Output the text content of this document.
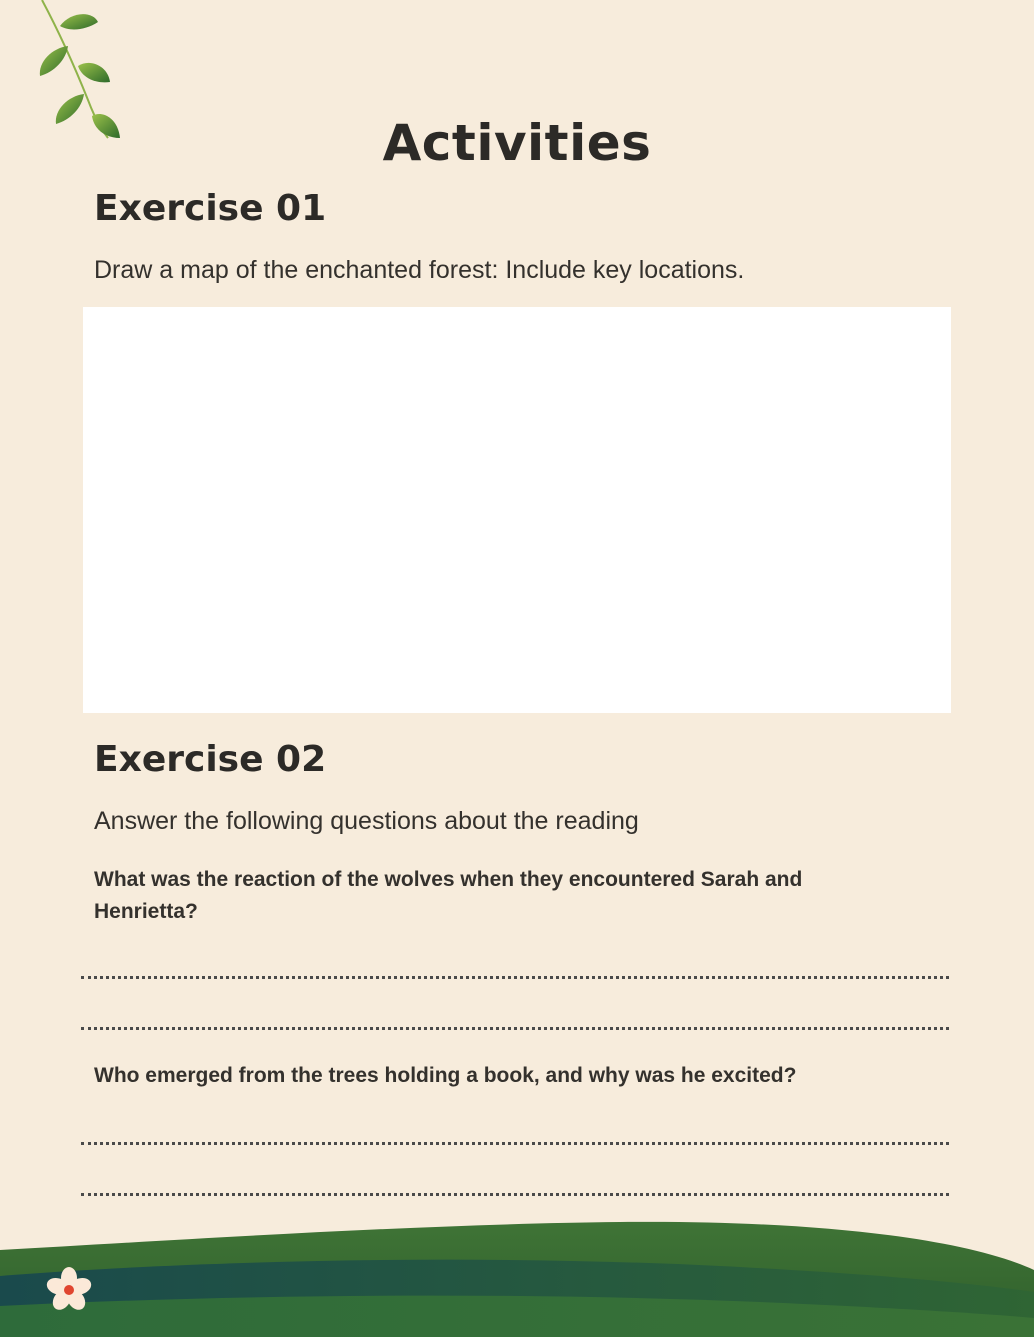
Activities
Exercise 01

Draw a map of the enchanted forest: Include key locations.

Exercise 02

Answer the following questions about the reading

What was the reaction of the wolves when they encountered Sarah and Henrietta?

Who emerged from the trees holding a book, and why was he excited?
